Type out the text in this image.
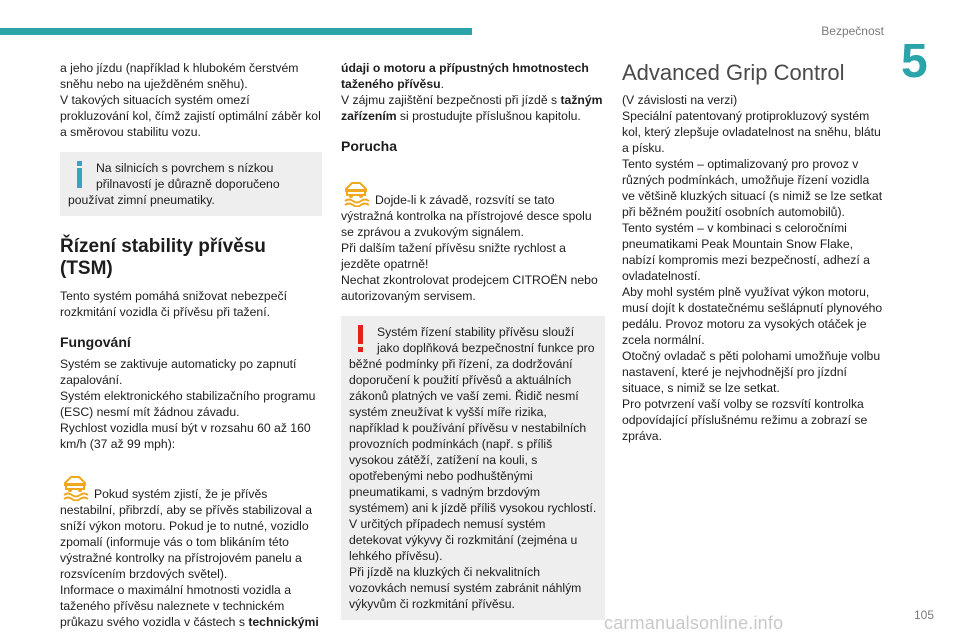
Bezpečnost
5
a jeho jízdu (například k hlubokém čerstvém sněhu nebo na uježděném sněhu).
V takových situacích systém omezí prokluzování kol, čímž zajistí optimální záběr kol a směrovou stabilitu vozu.
Na silnicích s povrchem s nízkou přilnavostí je důrazně doporučeno používat zimní pneumatiky.
Řízení stability přívěsu
(TSM)
Tento systém pomáhá snižovat nebezpečí rozkmitání vozidla či přívěsu při tažení.
Fungování
Systém se zaktivuje automaticky po zapnutí zapalování.
Systém elektronického stabilizačního programu (ESC) nesmí mít žádnou závadu.
Rychlost vozidla musí být v rozsahu 60 až 160 km/h (37 až 99 mph):

Pokud systém zjistí, že je přívěs nestabilní, přibrzdí, aby se přívěs stabilizoval a sníží výkon motoru. Pokud je to nutné, vozidlo zpomalí (informuje vás o tom blikáním této výstražné kontrolky na přístrojovém panelu a rozsvícením brzdových světel).

Informace o maximální hmotnosti vozidla a taženého přívěsu naleznete v technickém průkazu svého vozidla v částech s technickými
údaji o motoru a přípustných hmotnostech taženého přívěsu.
V zájmu zajištění bezpečnosti při jízdě s tažným zařízením si prostudujte příslušnou kapitolu.
Porucha

Dojde-li k závadě, rozsvítí se tato výstražná kontrolka na přístrojové desce spolu se zprávou a zvukovým signálem.
Při dalším tažení přívěsu snižte rychlost a jezděte opatrně!
Nechat zkontrolovat prodejcem CITROËN nebo autorizovaným servisem.

Systém řízení stability přívěsu slouží jako doplňková bezpečnostní funkce pro běžné podmínky při řízení, za dodržování doporučení k použití přívěsů a aktuálních zákonů platných ve vaší zemi. Řidič nesmí systém zneužívat k vyšší míře rizika, například k používání přívěsu v nestabilních provozních podmínkách (např. s příliš vysokou zátěží, zatížení na kouli, s opotřebenými nebo podhuštěnými pneumatikami, s vadným brzdovým systémem) ani k jízdě příliš vysokou rychlostí.
V určitých případech nemusí systém detekovat výkyvy či rozkmitání (zejména u lehkého přívěsu).
Při jízdě na kluzkých či nekvalitních vozovkách nemusí systém zabránit náhlým výkyvům či rozkmitání přívěsu.
Advanced Grip Control
(V závislosti na verzi)
Speciální patentovaný protiprokluzový systém kol, který zlepšuje ovladatelnost na sněhu, blátu a písku.
Tento systém – optimalizovaný pro provoz v různých podmínkách, umožňuje řízení vozidla ve většině kluzkých situací (s nimiž se lze setkat při běžném použití osobních automobilů).
Tento systém – v kombinaci s celoročními pneumatikami Peak Mountain Snow Flake, nabízí kompromis mezi bezpečností, adhezí a ovladatelností.
Aby mohl systém plně využívat výkon motoru, musí dojít k dostatečnému sešlápnutí plynového pedálu. Provoz motoru za vysokých otáček je zcela normální.
Otočný ovladač s pěti polohami umožňuje volbu nastavení, které je nejvhodnější pro jízdní situace, s nimiž se lze setkat.
Pro potvrzení vaší volby se rozsvítí kontrolka odpovídající příslušnému režimu a zobrazí se zpráva.
105
carmanualsonline.info
